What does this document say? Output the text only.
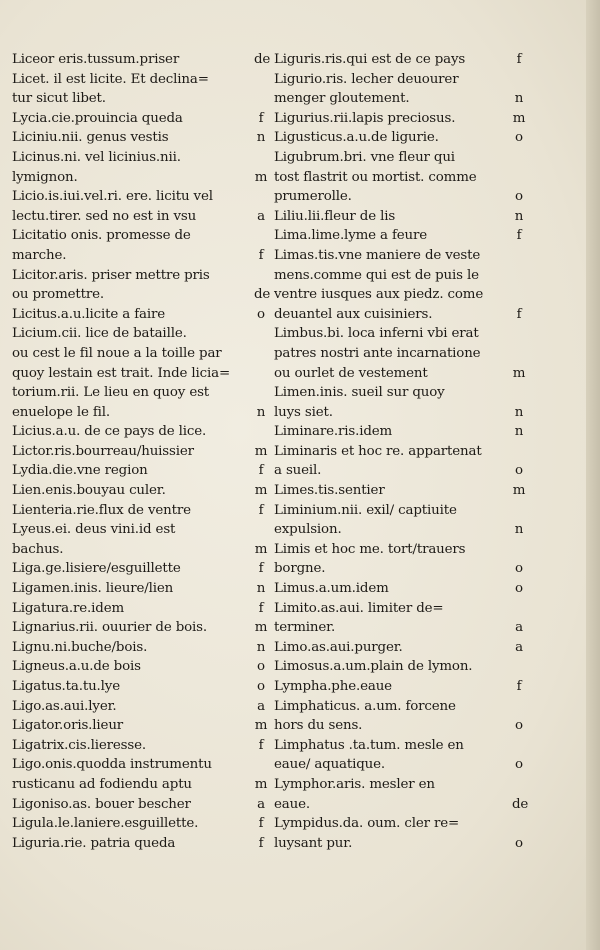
Liceor eris.tussum.priser	de
Licet. il est licite. Et declina=
tur sicut libet.
Lycia.cie.prouincia queda	f
Liciniu.nii. genus vestis	n
Licinus.ni. vel licinius.nii.
lymignon.	m
Licio.is.iui.vel.ri. ere. licitu vel
lectu.tirer. sed no est in vsu	a
Licitatio onis. promesse de
marche.	f
Licitor.aris. priser mettre pris
ou promettre.	de
Licitus.a.u.licite a faire	o
Licium.cii. lice de bataille.
ou cest le fil noue a la toille par
quoy lestain est trait. Inde licia=
torium.rii. Le lieu en quoy est
enuelope le fil.	n
Licius.a.u. de ce pays de lice.
Lictor.ris.bourreau/huissier	m
Lydia.die.vne region	f
Lien.enis.bouyau culer.	m
Lienteria.rie.flux de ventre	f
Lyeus.ei. deus vini.id est
bachus.	m
Liga.ge.lisiere/esguillette	f
Ligamen.inis. lieure/lien	n
Ligatura.re.idem	f
Lignarius.rii. ouurier de bois.	m
Lignu.ni.buche/bois.	n
Ligneus.a.u.de bois	o
Ligatus.ta.tu.lye	o
Ligo.as.aui.lyer.	a
Ligator.oris.lieur	m
Ligatrix.cis.lieresse.	f
Ligo.onis.quodda instrumentu
rusticanu ad fodiendu aptu	m
Ligoniso.as. bouer bescher	a
Ligula.le.laniere.esguillette.	f
Liguria.rie. patria queda	f
Liguris.ris.qui est de ce pays	f
Ligurio.ris. lecher deuourer
menger gloutement.	n
Ligurius.rii.lapis preciosus.	m
Ligusticus.a.u.de ligurie.	o
Ligubrum.bri. vne fleur qui
tost flastrit ou mortist. comme
prumerolle.	o
Liliu.lii.fleur de lis	n
Lima.lime.lyme a feure	f
Limas.tis.vne maniere de veste
mens.comme qui est de puis le
ventre iusques aux piedz. come
deuantel aux cuisiniers.	f
Limbus.bi. loca inferni vbi erat
patres nostri ante incarnatione
ou ourlet de vestement	m
Limen.inis. sueil sur quoy
luys siet.	n
Liminare.ris.idem	n
Liminaris et hoc re. appartenat
a sueil.	o
Limes.tis.sentier	m
Liminium.nii. exil/ captiuite
expulsion.	n
Limis et hoc me. tort/trauers
borgne.	o
Limus.a.um.idem	o
Limito.as.aui. limiter de=
terminer.	a
Limo.as.aui.purger.	a
Limosus.a.um.plain de lymon.
Lympha.phe.eaue	f
Limphaticus. a.um. forcene
hors du sens.	o
Limphatus .ta.tum. mesle en
eaue/ aquatique.	o
Lymphor.aris. mesler en
eaue.	de
Lympidus.da. oum. cler re=
luysant pur.	o
